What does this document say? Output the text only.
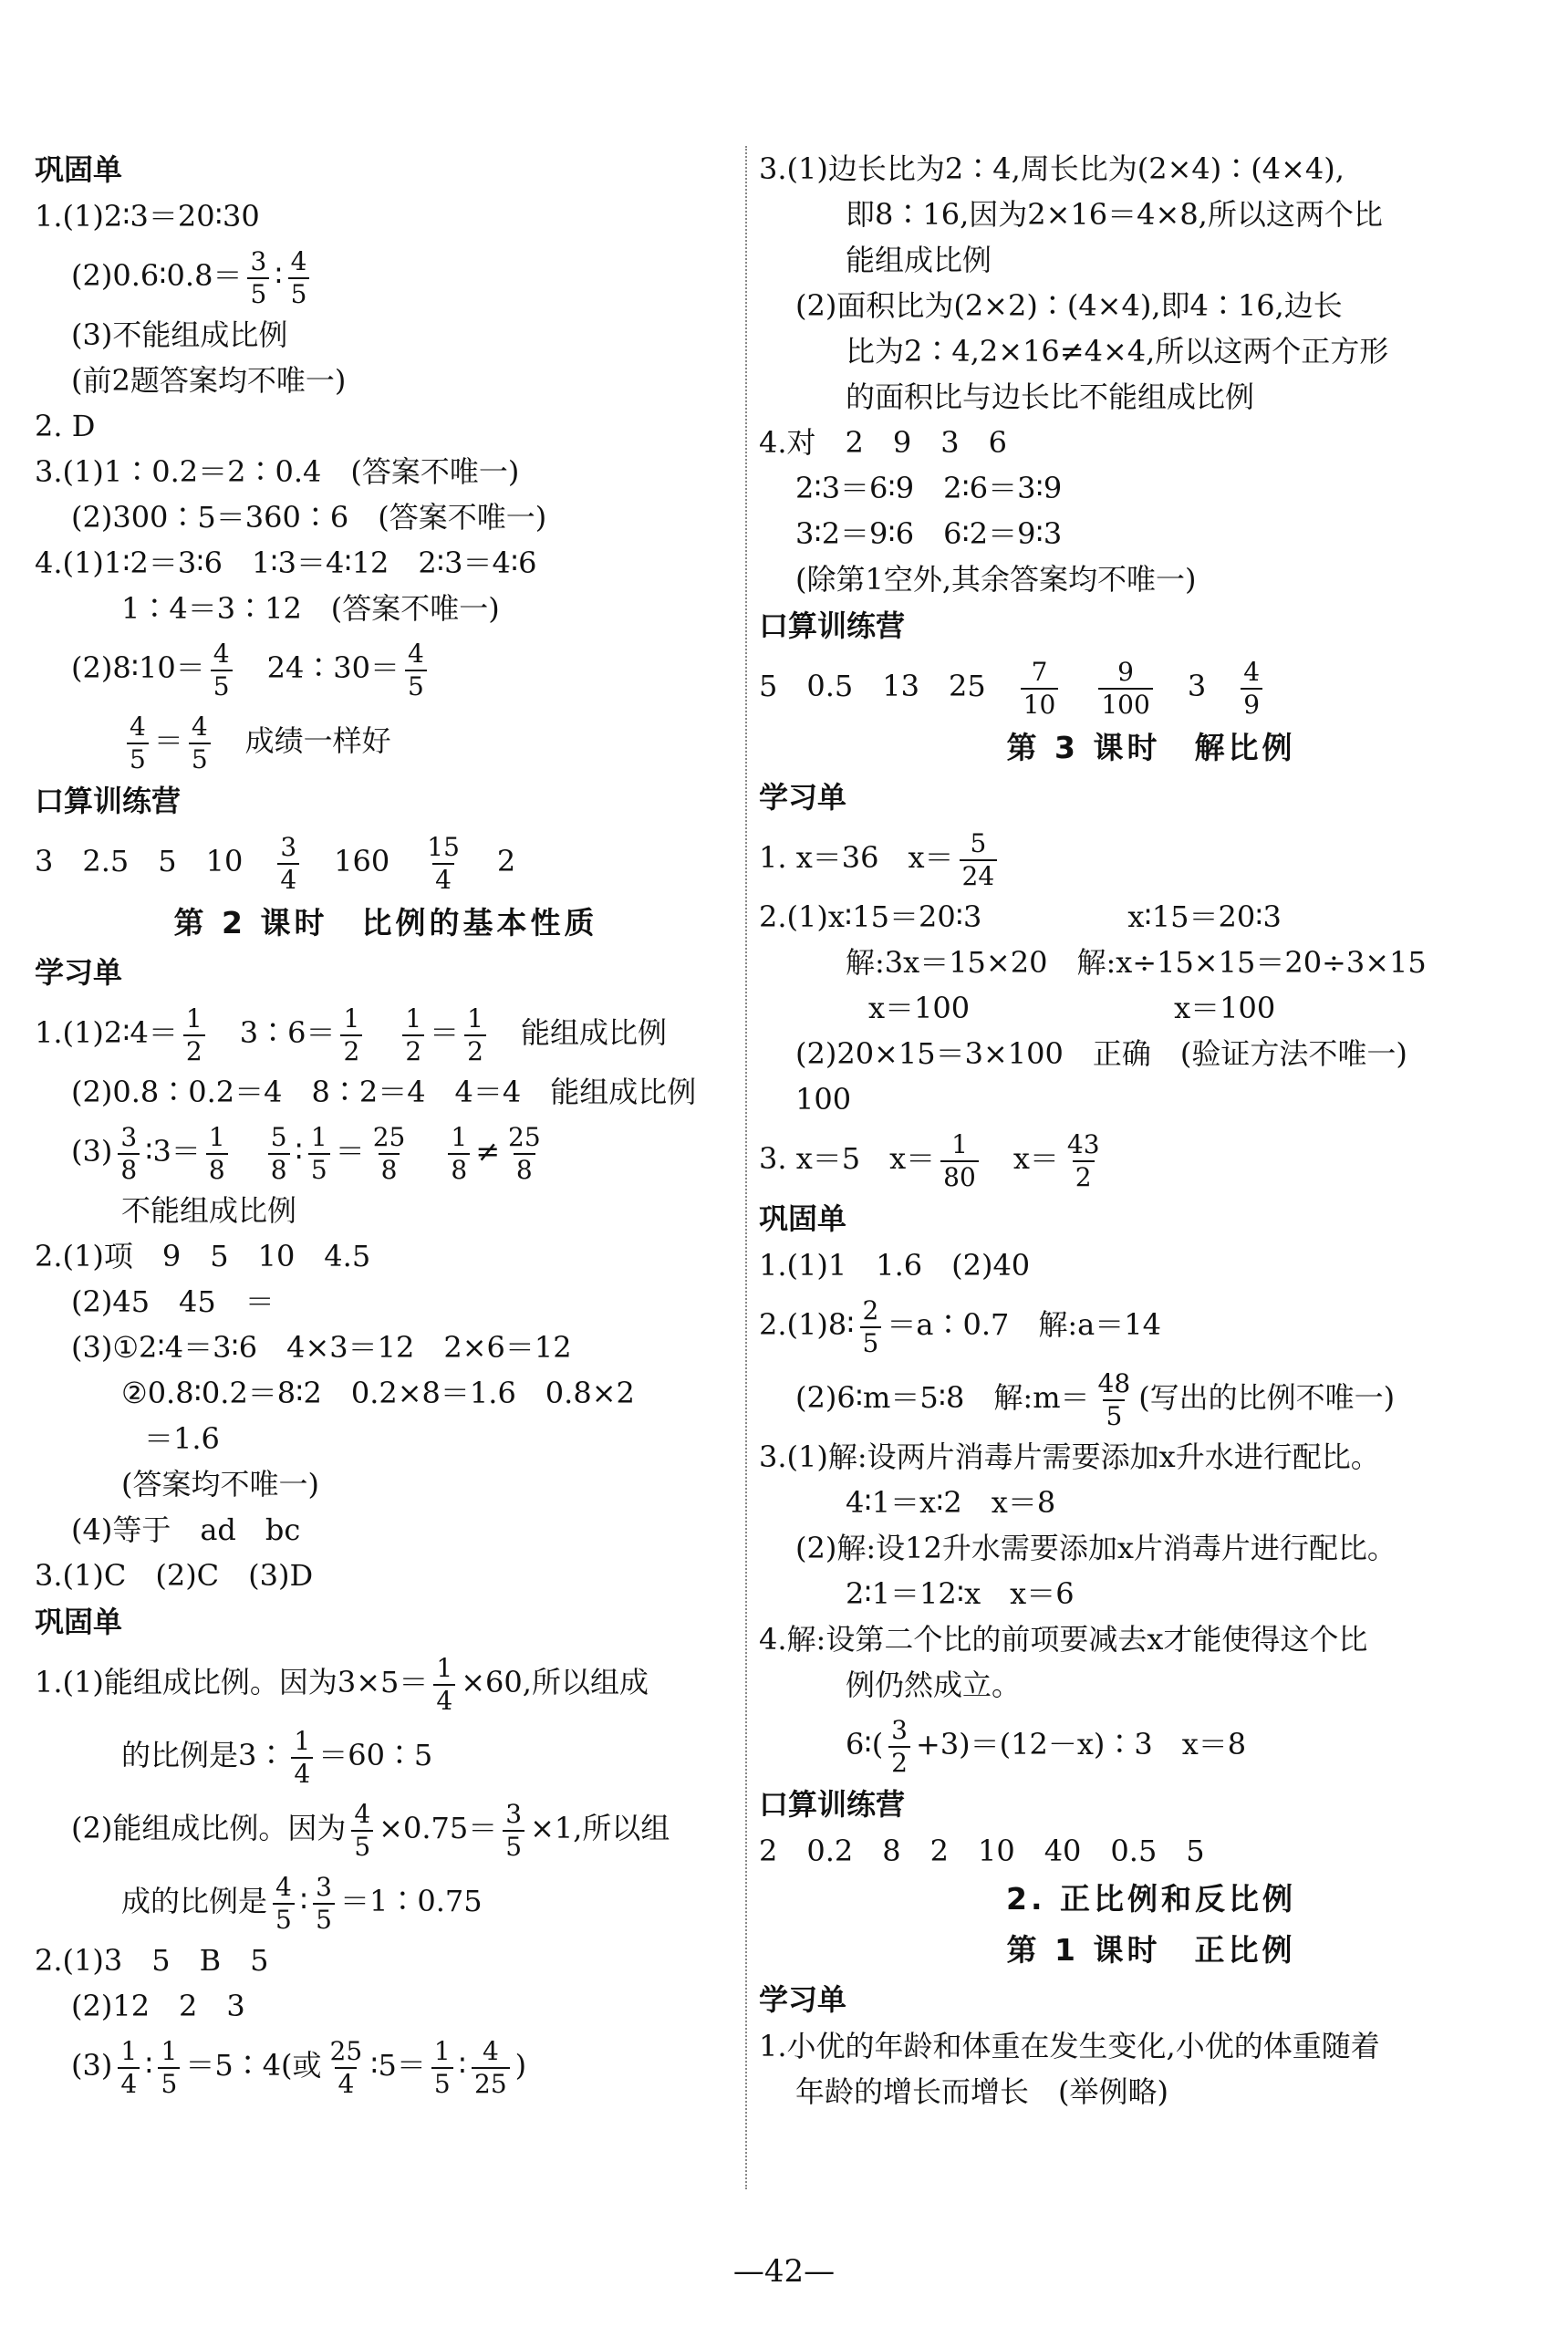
巩固单
1.(1)2∶3＝20∶30
(2)0.6∶0.8＝ $\frac{3}{5}$ ∶ $\frac{4}{5}$
(3)不能组成比例
(前2题答案均不唯一)
2. D
3.(1)1∶0.2＝2∶0.4　(答案不唯一)
(2)300∶5＝360∶6　(答案不唯一)
4.(1)1∶2＝3∶6　1∶3＝4∶12　2∶3＝4∶6
1∶4＝3∶12　(答案不唯一)
(2)8∶10＝ $\frac{4}{5}$ 　24∶30＝ $\frac{4}{5}$
$\frac{4}{5} = \frac{4}{5}$ 　成绩一样好
口算训练营
3　2.5　5　10　 $\frac{3}{4}$ 　160　 $\frac{15}{4}$ 　2
第 2 课时　比例的基本性质
学习单
1.(1)2∶4＝ $\frac{1}{2}$ 　3∶6＝ $\frac{1}{2}$
　 $\frac{1}{2} = \frac{1}{2}$ 　能组成比例
(2)0.8∶0.2＝4　8∶2＝4　4＝4　能组成比例
$(3) \frac{3}{8}$ ∶3＝ $\frac{1}{8}$
　 $\frac{5}{8}$ ∶ $\frac{1}{5} = \frac{25}{8}$
　 $\frac{1}{8} \ne \frac{25}{8}$
不能组成比例
2.(1)项　9　5　10　4.5
(2)45　45　＝
(3)①2∶4＝3∶6　4×3＝12　2×6＝12
②0.8∶0.2＝8∶2　0.2×8＝1.6　0.8×2
＝1.6
(答案均不唯一)
(4)等于　ad　bc
3.(1)C　(2)C　(3)D
巩固单
1.(1)能组成比例。因为$3\times 5= \frac{1}{4} \times 60$,所以组成
的比例是3∶ $\frac{1}{4}$ ＝60∶5
(2)能组成比例。因为 $\frac{4}{5} \times 0.75= \frac{3}{5} \times 1$,所以组
成的比例是 $\frac{4}{5}$ ∶ $\frac{3}{5}$ ＝1∶0.75
2.(1)3　5　B　5
(2)12　2　3
$(3) \frac{1}{4}$ ∶ $\frac{1}{5}$ ＝5∶4(或 $\frac{25}{4}$ ∶5＝ $\frac{1}{5}$ ∶ $\frac{4}{25}$ )
3.(1)边长比为2∶4,周长比为(2×4)∶(4×4),
即8∶16,因为2×16＝4×8,所以这两个比
能组成比例
(2)面积比为(2×2)∶(4×4),即4∶16,边长
比为2∶4,2×16≠4×4,所以这两个正方形
的面积比与边长比不能组成比例
4.对　2　9　3　6
2∶3＝6∶9　2∶6＝3∶9
3∶2＝9∶6　6∶2＝9∶3
(除第1空外,其余答案均不唯一)
口算训练营
5　0.5　13　25　 $\frac{7}{10}$
　 $\frac{9}{100}$ 　3　 $\frac{4}{9}$
第 3 课时　解比例
学习单
1. x＝36　$x= \frac{5}{24}$
2.(1)x∶15＝20∶3　　　　　x∶15＝20∶3
解:3x＝15×20　解:x÷15×15＝20÷3×15
x＝100　　　　　　　x＝100
(2)20×15＝3×100　正确　(验证方法不唯一)
100
3. x＝5　$x= \frac{1}{80}$ 　$x= \frac{43}{2}$
巩固单
1.(1)1　1.6　(2)40
2.(1)8∶ $\frac{2}{5}$ ＝a∶0.7　解:a＝14
(2)6∶m＝5∶8　解:m＝ $\frac{48}{5}$ (写出的比例不唯一)
3.(1)解:设两片消毒片需要添加x升水进行配比。
4∶1＝x∶2　x＝8
(2)解:设12升水需要添加x片消毒片进行配比。
2∶1＝12∶x　x＝6
4.解:设第二个比的前项要减去x才能使得这个比
例仍然成立。
6∶( $\frac{3}{2}$ +3)＝(12－x)∶3　x＝8
口算训练营
2　0.2　8　2　10　40　0.5　5
2. 正比例和反比例
第 1 课时　正比例
学习单
1.小优的年龄和体重在发生变化,小优的体重随着
年龄的增长而增长　(举例略)
—42—
